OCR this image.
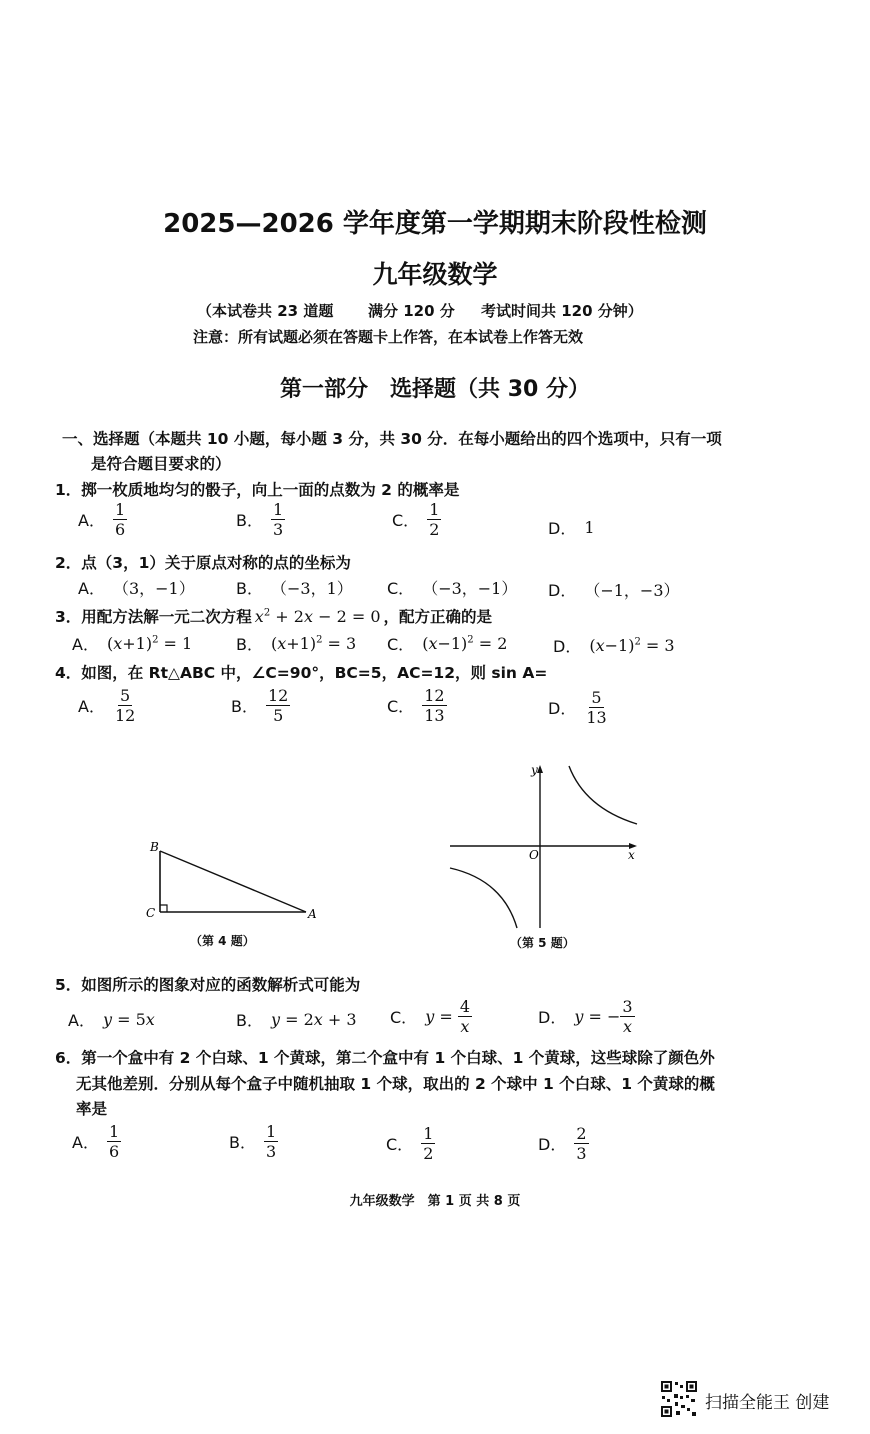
2025—2026 学年度第一学期期末阶段性检测
九年级数学
（本试卷共 23 道题 满分 120 分 考试时间共 120 分钟）
注意：所有试题必须在答题卡上作答，在本试卷上作答无效
第一部分　选择题（共 30 分）
一、选择题（本题共 10 小题，每小题 3 分，共 30 分．在每小题给出的四个选项中，只有一项
是符合题目要求的）
1．掷一枚质地均匀的骰子，向上一面的点数为 2 的概率是
A． $\frac{1}{6}$	B． $\frac{1}{3}$	C． $\frac{1}{2}$	D． 1
2．点（3，1）关于原点对称的点的坐标为
A． （3，−1）	B． （−3，1） C． （−3，−1） D． （−1，−3）
3．用配方法解一元二次方程 $x^2 + 2x - 2 = 0$ ，配方正确的是
A． $(x+1)^2 = 1$	B． $(x+1)^2 = 3$ C． $(x-1)^2 = 2$	D． $(x-1)^2 = 3$
4．如图，在 Rt△ABC 中，∠C=90°，BC=5，AC=12，则 sin A=
A． $\frac{5}{12}$	B． $\frac{12}{5}$	C． $\frac{12}{13}$	D． $\frac{5}{13}$
B
C	A
（第 4 题）
x
y
O
（第 5 题）
5．如图所示的图象对应的函数解析式可能为
A． y = 5x	B． y = 2x + 3 C． $y = \frac{4}{x}$	D． y = − $\frac{3}{x}$
6．第一个盒中有 2 个白球、1 个黄球，第二个盒中有 1 个白球、1 个黄球，这些球除了颜色外
无其他差别．分别从每个盒子中随机抽取 1 个球，取出的 2 个球中 1 个白球、1 个黄球的概
率是
A． $\frac{1}{6}$	B． $\frac{1}{3}$	C． $\frac{1}{2}$	D． $\frac{2}{3}$
九年级数学　第 1 页 共 8 页
扫描全能王 创建
